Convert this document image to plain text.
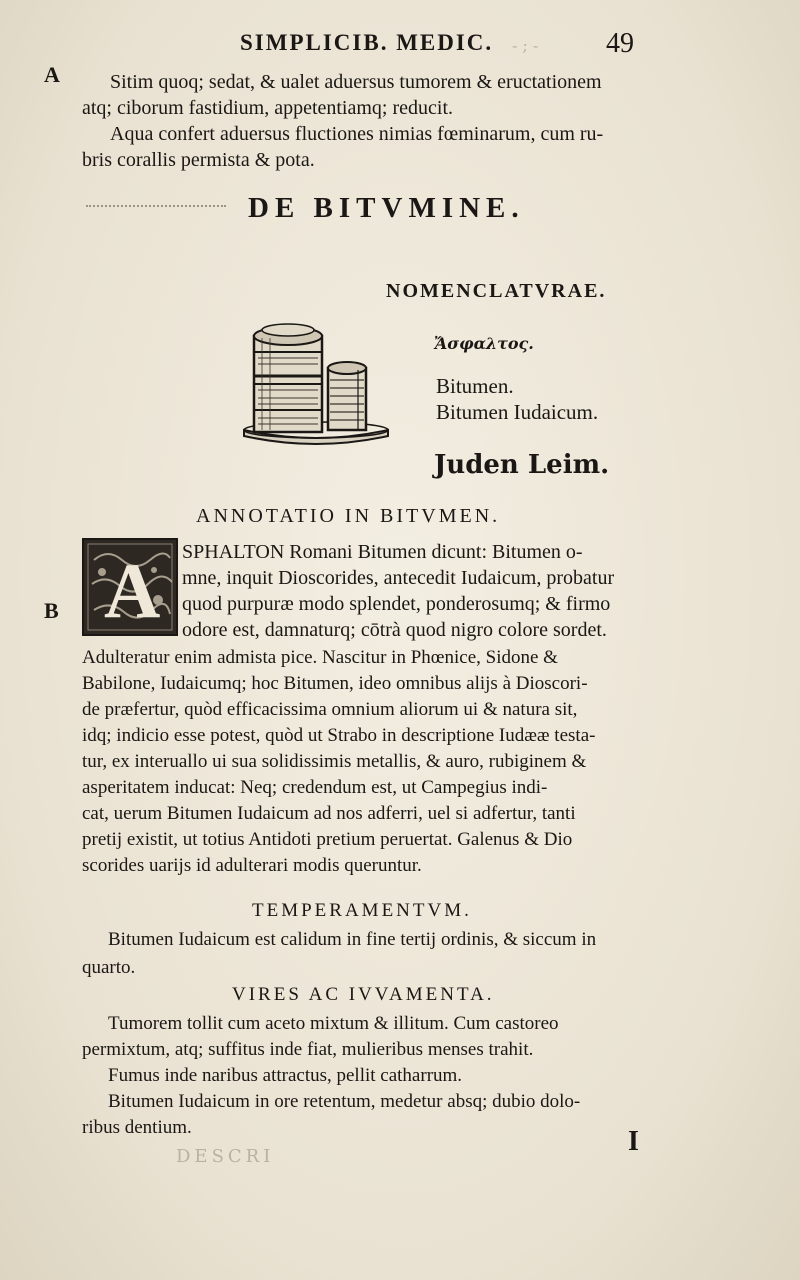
SIMPLICIB. MEDIC. - ; - 49
A
B
Sitim quoq; sedat, & ualet aduersus tumorem & eructationem
atq; ciborum fastidium, appetentiamq; reducit.
Aqua confert aduersus fluctiones nimias fœminarum, cum ru-
bris corallis permista & pota.
DE BITVMINE.
NOMENCLATVRAE.
Ἄσφαλτος.
Bitumen.
Bitumen Iudaicum.
Juden Leim.
ANNOTATIO IN BITVMEN.
A SPHALTON Romani Bitumen dicunt: Bitumen o-
mne, inquit Dioscorides, antecedit Iudaicum, probatur
quod purpuræ modo splendet, ponderosumq; & firmo
odore est, damnaturq; cōtrà quod nigro colore sordet.
Adulteratur enim admista pice. Nascitur in Phœnice, Sidone &
Babilone, Iudaicumq; hoc Bitumen, ideo omnibus alijs à Dioscori-
de præfertur, quòd efficacissima omnium aliorum ui & natura sit,
idq; indicio esse potest, quòd ut Strabo in descriptione Iudææ testa-
tur, ex interuallo ui sua solidissimis metallis, & auro, rubiginem &
asperitatem inducat: Neq; credendum est, ut Campegius indi-
cat, uerum Bitumen Iudaicum ad nos adferri, uel si adfertur, tanti
pretij existit, ut totius Antidoti pretium peruertat. Galenus & Dio
scorides uarijs id adulterari modis queruntur.
TEMPERAMENTVM.
Bitumen Iudaicum est calidum in fine tertij ordinis, & siccum in
quarto.
VIRES AC IVVAMENTA.
Tumorem tollit cum aceto mixtum & illitum. Cum castoreo
permixtum, atq; suffitus inde fiat, mulieribus menses trahit.
Fumus inde naribus attractus, pellit catharrum.
Bitumen Iudaicum in ore retentum, medetur absq; dubio dolo-
ribus dentium.
DESCRI	I
